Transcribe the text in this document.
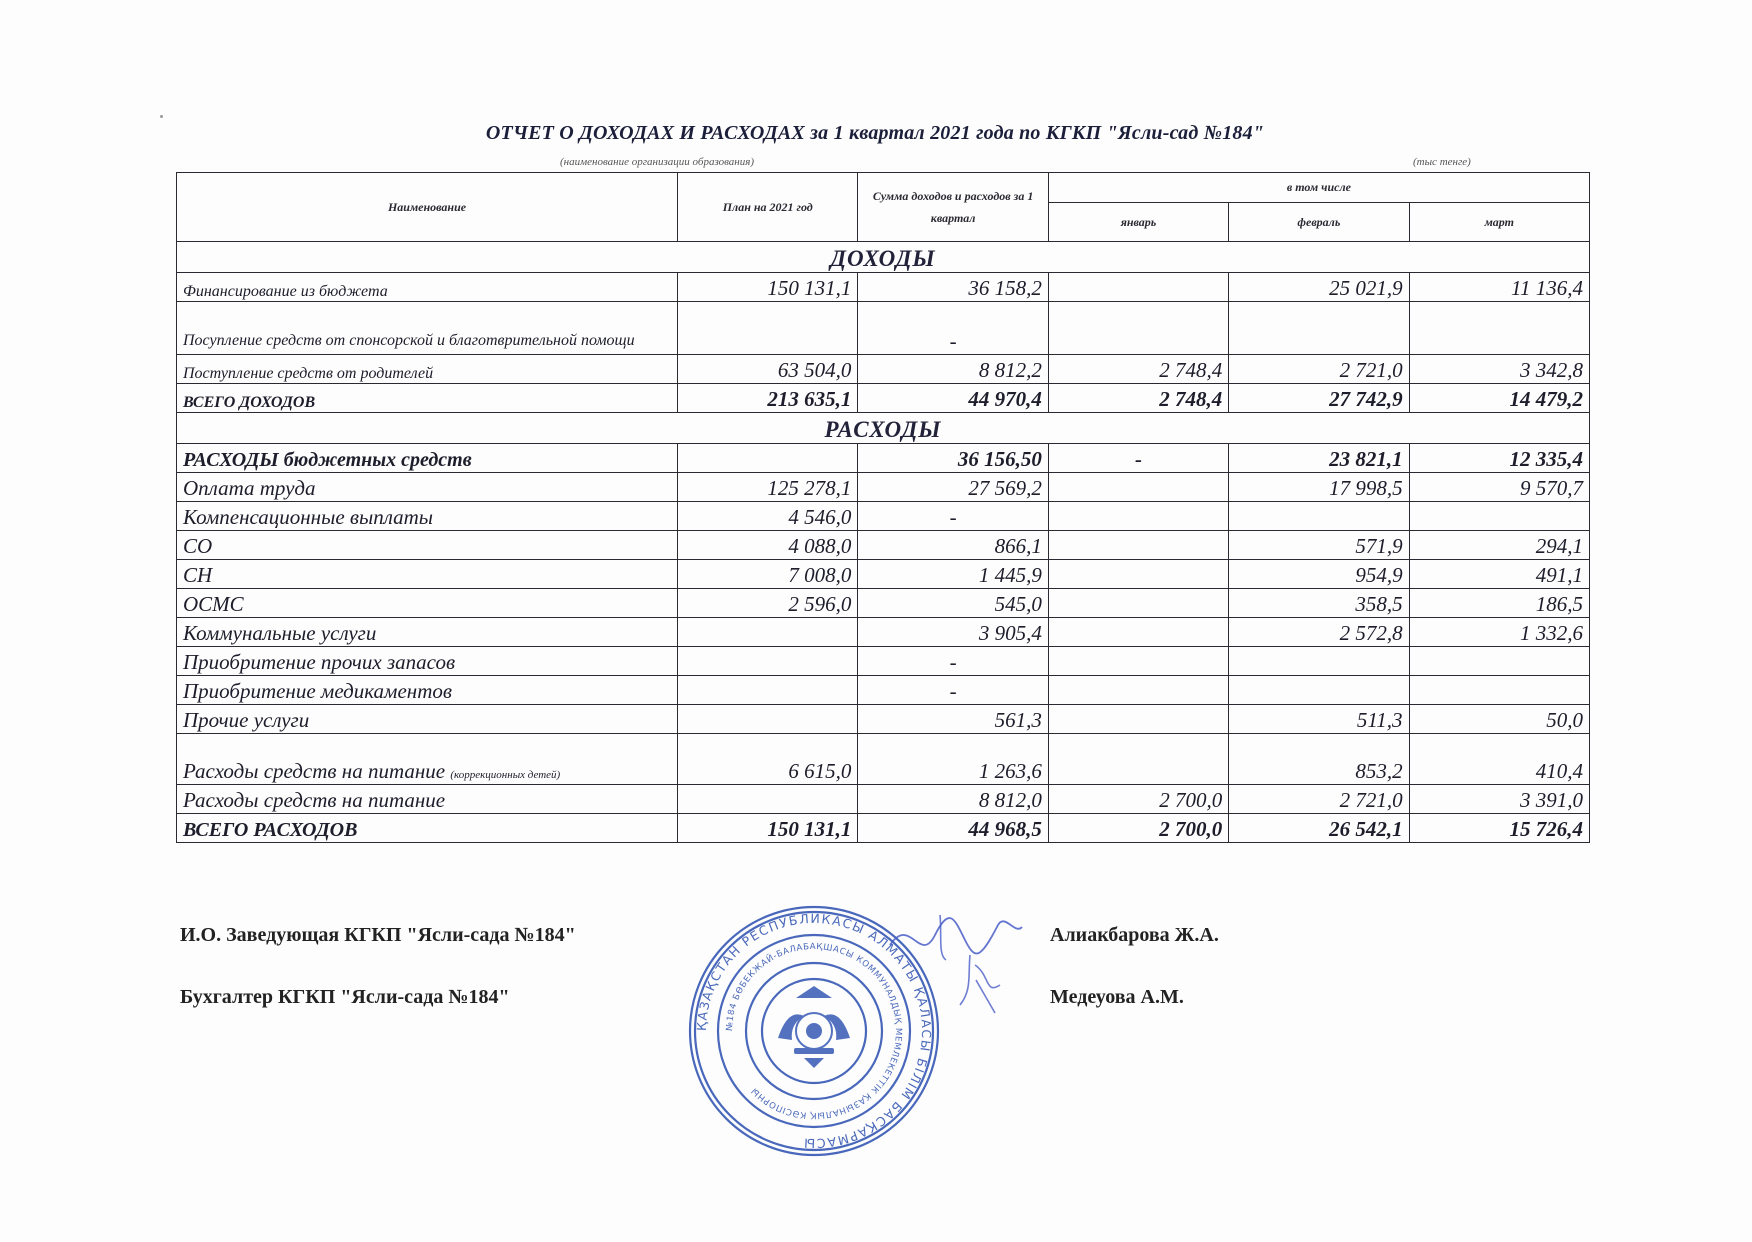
ОТЧЕТ О ДОХОДАХ И РАСХОДАХ за 1 квартал 2021 года по КГКП "Ясли-сад №184"
(наименование организации образования)	(тыс тенге)
Наименование	План на 2021 год	Сумма доходов и расходов за 1 квартал	в том числе		
			январь	февраль	март
ДОХОДЫ					
Финансирование из бюджета	150 131,1	36 158,2		25 021,9	11 136,4
Посупление средств от спонсорской и благотврительной помощи		-			
Поступление средств от родителей	63 504,0	8 812,2	2 748,4	2 721,0	3 342,8
ВСЕГО ДОХОДОВ	213 635,1	44 970,4	2 748,4	27 742,9	14 479,2
РАСХОДЫ					
РАСХОДЫ бюджетных средств		36 156,50	-	23 821,1	12 335,4
Оплата труда	125 278,1	27 569,2		17 998,5	9 570,7
Компенсационные выплаты	4 546,0	-			
СО	4 088,0	866,1		571,9	294,1
СН	7 008,0	1 445,9		954,9	491,1
ОСМС	2 596,0	545,0		358,5	186,5
Коммунальные услуги		3 905,4		2 572,8	1 332,6
Приобритение прочих запасов		-			
Приобритение медикаментов		-			
Прочие услуги		561,3		511,3	50,0
Расходы средств на питание (коррекционных детей)	6 615,0	1 263,6		853,2	410,4
Расходы средств на питание		8 812,0	2 700,0	2 721,0	3 391,0
ВСЕГО РАСХОДОВ	150 131,1	44 968,5	2 700,0	26 542,1	15 726,4
И.О. Заведующая КГКП "Ясли-сада №184"	Алиакбарова Ж.А.
Бухгалтер КГКП "Ясли-сада №184"	Медеуова А.М.
ҚАЗАҚСТАН РЕСПУБЛИКАСЫ АЛМАТЫ ҚАЛАСЫ БІЛІМ БАСҚАРМАСЫ
№184 БӨБЕКЖАЙ-БАЛАБАҚШАСЫ КОММУНАЛДЫҚ МЕМЛЕКЕТТІК ҚАЗЫНАЛЫҚ КӘСІПОРНЫ
